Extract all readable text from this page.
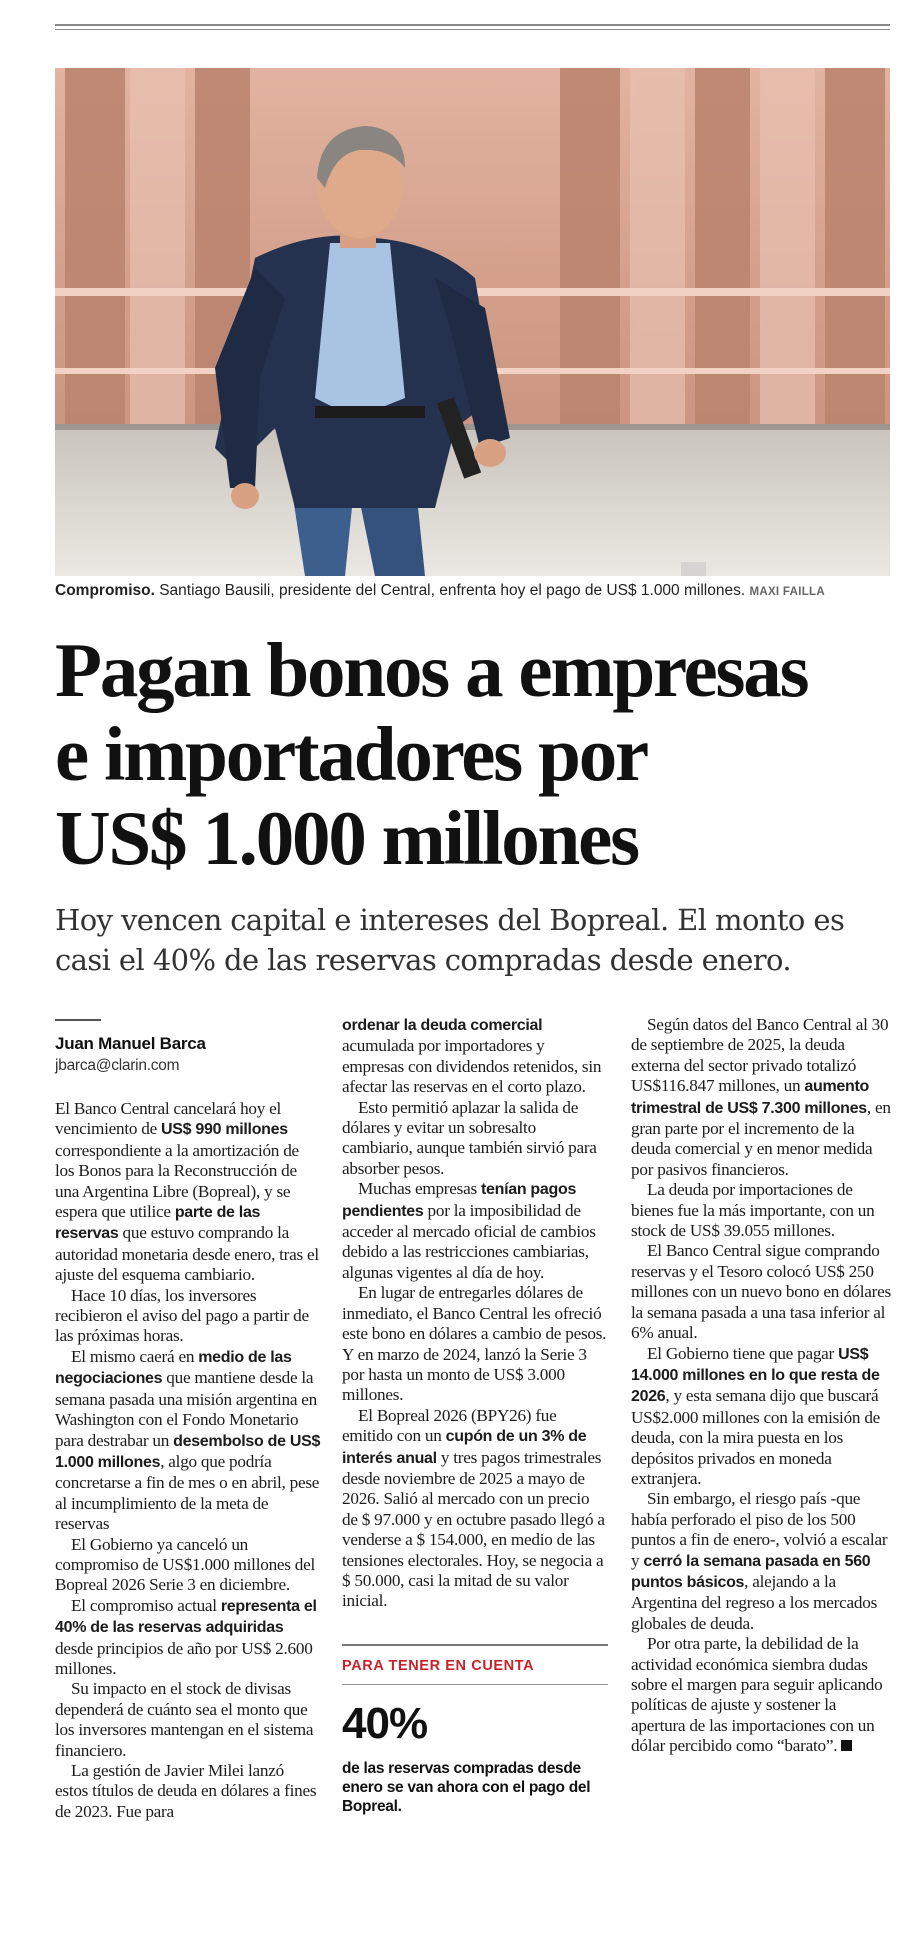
Compromiso. Santiago Bausili, presidente del Central, enfrenta hoy el pago de US$ 1.000 millones. MAXI FAILLA
Pagan bonos a empresas
e importadores por
US$ 1.000 millones
Hoy vencen capital e intereses del Bopreal. El monto es
casi el 40% de las reservas compradas desde enero.
Juan Manuel Barca
jbarca@clarin.com

El Banco Central cancelará hoy el vencimiento de US$ 990 millones correspondiente a la amortización de los Bonos para la Reconstrucción de una Argentina Libre (Bopreal), y se espera que utilice parte de las reservas que estuvo comprando la autoridad monetaria desde enero, tras el ajuste del esquema cambiario.

Hace 10 días, los inversores recibieron el aviso del pago a partir de las próximas horas.

El mismo caerá en medio de las negociaciones que mantiene desde la semana pasada una misión argentina en Washington con el Fondo Monetario para destrabar un desembolso de US$ 1.000 millones, algo que podría concretarse a fin de mes o en abril, pese al incumplimiento de la meta de reservas

El Gobierno ya canceló un compromiso de US$1.000 millones del Bopreal 2026 Serie 3 en diciembre.

El compromiso actual representa el 40% de las reservas adquiridas desde principios de año por US$ 2.600 millones.

Su impacto en el stock de divisas dependerá de cuánto sea el monto que los inversores mantengan en el sistema financiero.

La gestión de Javier Milei lanzó estos títulos de deuda en dólares a fines de 2023. Fue para

ordenar la deuda comercial acumulada por importadores y empresas con dividendos retenidos, sin afectar las reservas en el corto plazo.

Esto permitió aplazar la salida de dólares y evitar un sobresalto cambiario, aunque también sirvió para absorber pesos.

Muchas empresas tenían pagos pendientes por la imposibilidad de acceder al mercado oficial de cambios debido a las restricciones cambiarias, algunas vigentes al día de hoy.

En lugar de entregarles dólares de inmediato, el Banco Central les ofreció este bono en dólares a cambio de pesos. Y en marzo de 2024, lanzó la Serie 3 por hasta un monto de US$ 3.000 millones.

El Bopreal 2026 (BPY26) fue emitido con un cupón de un 3% de interés anual y tres pagos trimestrales desde noviembre de 2025 a mayo de 2026. Salió al mercado con un precio de $ 97.000 y en octubre pasado llegó a venderse a $ 154.000, en medio de las tensiones electorales. Hoy, se negocia a $ 50.000, casi la mitad de su valor inicial.

PARA TENER EN CUENTA
40%
de las reservas compradas desde enero se van ahora con el pago del Bopreal.

Según datos del Banco Central al 30 de septiembre de 2025, la deuda externa del sector privado totalizó US$116.847 millones, un aumento trimestral de US$ 7.300 millones, en gran parte por el incremento de la deuda comercial y en menor medida por pasivos financieros.

La deuda por importaciones de bienes fue la más importante, con un stock de US$ 39.055 millones.

El Banco Central sigue comprando reservas y el Tesoro colocó US$ 250 millones con un nuevo bono en dólares la semana pasada a una tasa inferior al 6% anual.

El Gobierno tiene que pagar US$ 14.000 millones en lo que resta de 2026, y esta semana dijo que buscará US$2.000 millones con la emisión de deuda, con la mira puesta en los depósitos privados en moneda extranjera.

Sin embargo, el riesgo país -que había perforado el piso de los 500 puntos a fin de enero-, volvió a escalar y cerró la semana pasada en 560 puntos básicos, alejando a la Argentina del regreso a los mercados globales de deuda.

Por otra parte, la debilidad de la actividad económica siembra dudas sobre el margen para seguir aplicando políticas de ajuste y sostener la apertura de las importaciones con un dólar percibido como “barato”.
